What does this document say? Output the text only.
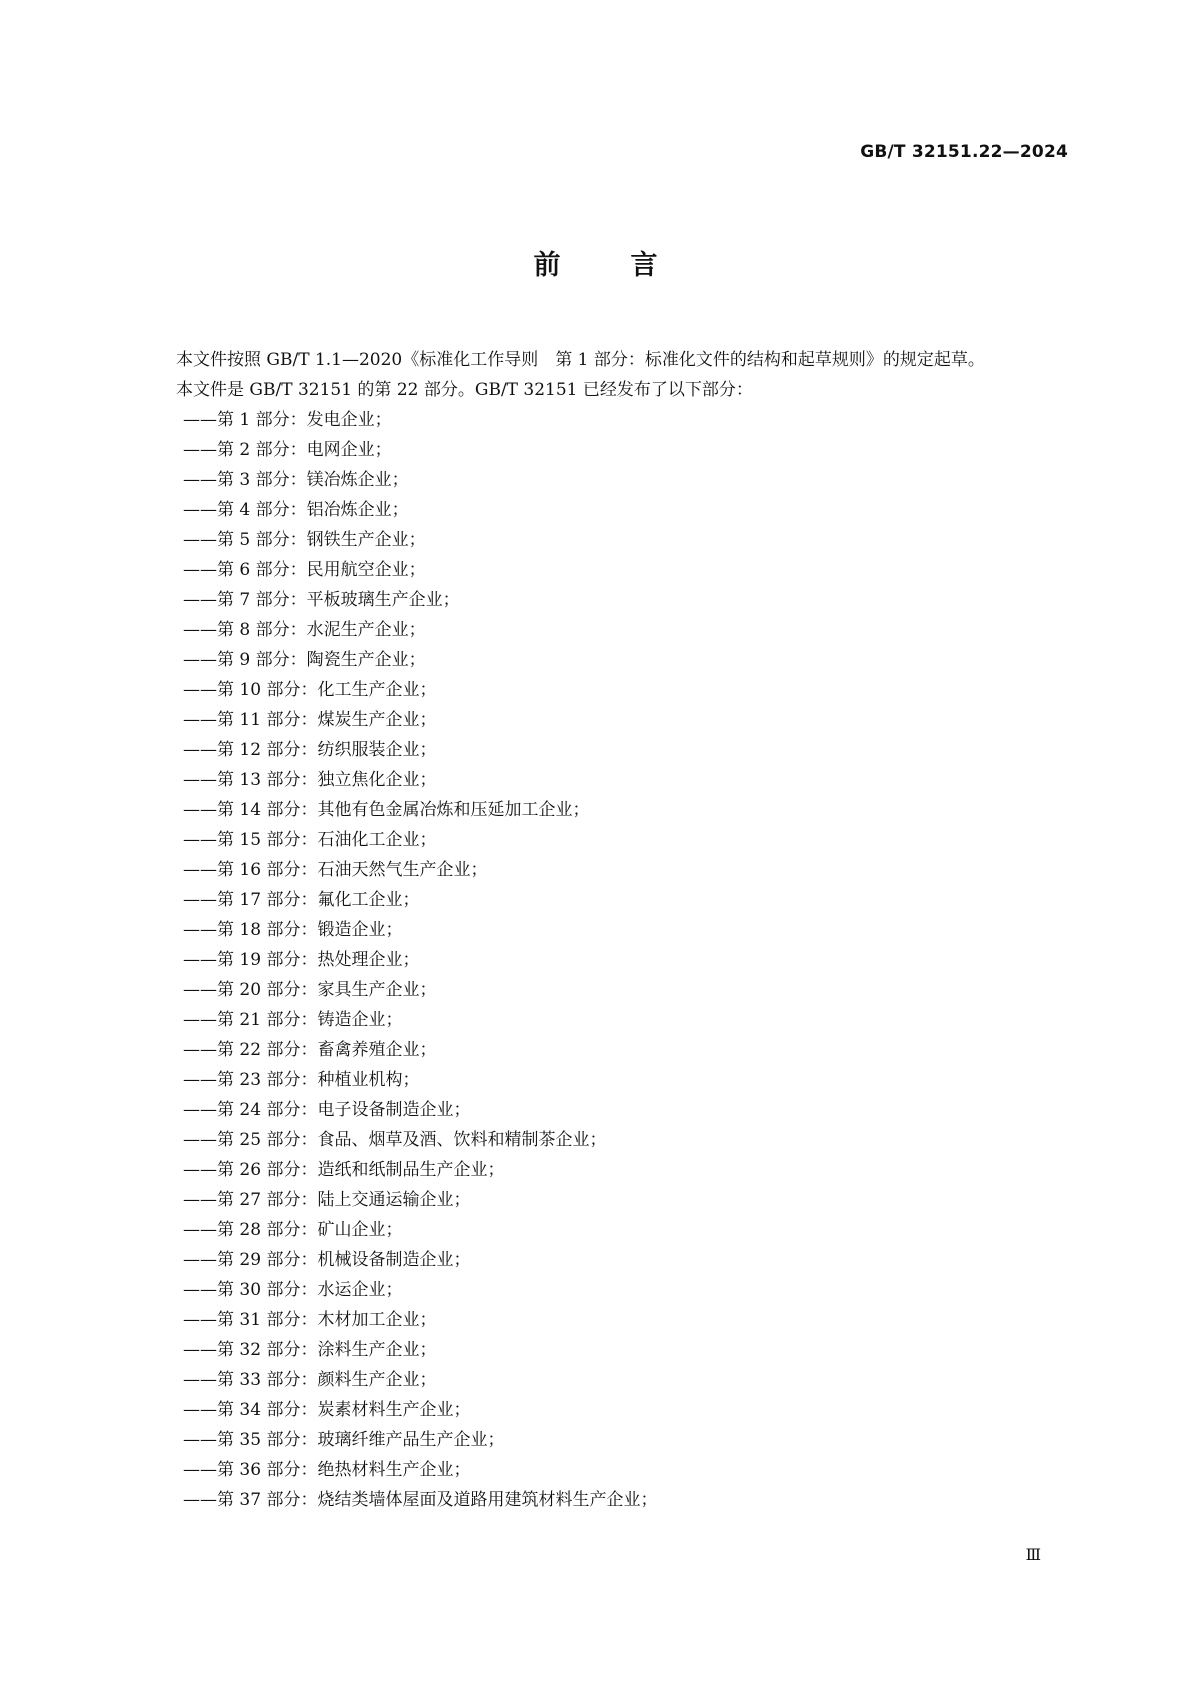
GB/T 32151.22—2024
前	言

本文件按照 GB/T 1.1—2020《标准化工作导则　第 1 部分：标准化文件的结构和起草规则》的规定起草。

本文件是 GB/T 32151 的第 22 部分。GB/T 32151 已经发布了以下部分：

——第 1 部分：发电企业；
——第 2 部分：电网企业；
——第 3 部分：镁冶炼企业；
——第 4 部分：铝冶炼企业；
——第 5 部分：钢铁生产企业；
——第 6 部分：民用航空企业；
——第 7 部分：平板玻璃生产企业；
——第 8 部分：水泥生产企业；
——第 9 部分：陶瓷生产企业；
——第 10 部分：化工生产企业；
——第 11 部分：煤炭生产企业；
——第 12 部分：纺织服装企业；
——第 13 部分：独立焦化企业；
——第 14 部分：其他有色金属冶炼和压延加工企业；
——第 15 部分：石油化工企业；
——第 16 部分：石油天然气生产企业；
——第 17 部分：氟化工企业；
——第 18 部分：锻造企业；
——第 19 部分：热处理企业；
——第 20 部分：家具生产企业；
——第 21 部分：铸造企业；
——第 22 部分：畜禽养殖企业；
——第 23 部分：种植业机构；
——第 24 部分：电子设备制造企业；
——第 25 部分：食品、烟草及酒、饮料和精制茶企业；
——第 26 部分：造纸和纸制品生产企业；
——第 27 部分：陆上交通运输企业；
——第 28 部分：矿山企业；
——第 29 部分：机械设备制造企业；
——第 30 部分：水运企业；
——第 31 部分：木材加工企业；
——第 32 部分：涂料生产企业；
——第 33 部分：颜料生产企业；
——第 34 部分：炭素材料生产企业；
——第 35 部分：玻璃纤维产品生产企业；
——第 36 部分：绝热材料生产企业；
——第 37 部分：烧结类墙体屋面及道路用建筑材料生产企业；
Ⅲ
